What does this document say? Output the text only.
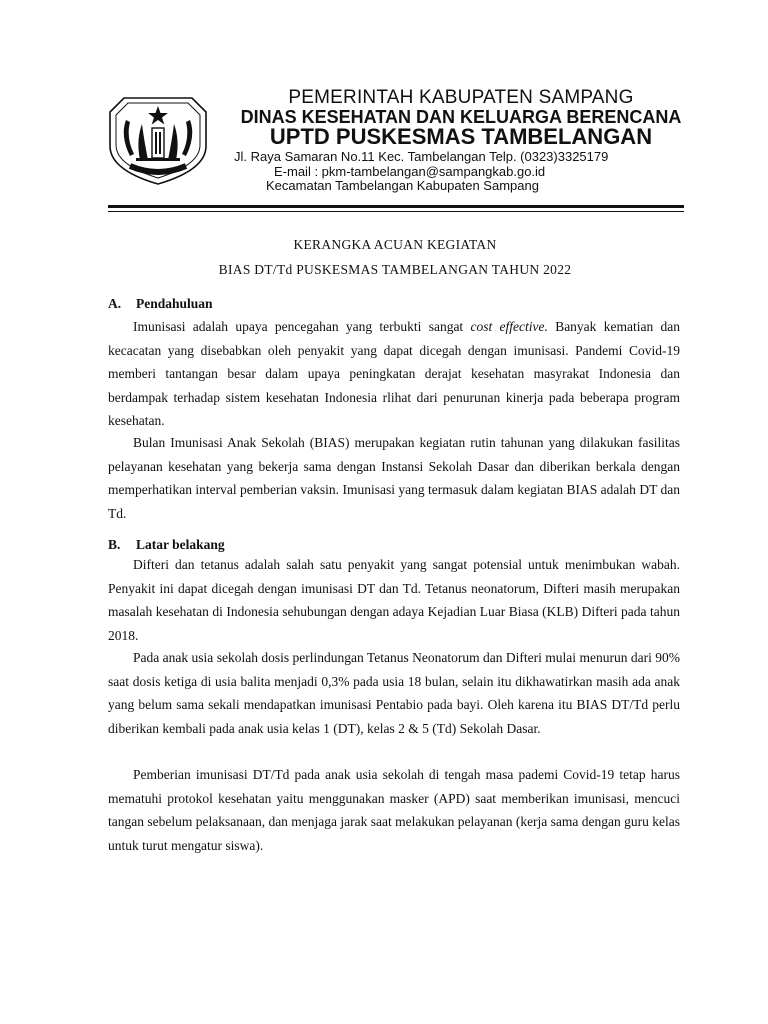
PEMERINTAH KABUPATEN SAMPANG
DINAS KESEHATAN DAN KELUARGA BERENCANA
UPTD PUSKESMAS TAMBELANGAN
Jl. Raya Samaran No.11 Kec. Tambelangan Telp. (0323)3325179
E-mail : pkm-tambelangan@sampangkab.go.id
Kecamatan Tambelangan Kabupaten Sampang
KERANGKA ACUAN KEGIATAN
BIAS DT/Td PUSKESMAS TAMBELANGAN TAHUN 2022
A. Pendahuluan

Imunisasi adalah upaya pencegahan yang terbukti sangat cost effective. Banyak kematian dan kecacatan yang disebabkan oleh penyakit yang dapat dicegah dengan imunisasi. Pandemi Covid-19 memberi tantangan besar dalam upaya peningkatan derajat kesehatan masyrakat Indonesia dan berdampak terhadap sistem kesehatan Indonesia rlihat dari penurunan kinerja pada beberapa program kesehatan.

Bulan Imunisasi Anak Sekolah (BIAS) merupakan kegiatan rutin tahunan yang dilakukan fasilitas pelayanan kesehatan yang bekerja sama dengan Instansi Sekolah Dasar dan diberikan berkala dengan memperhatikan interval pemberian vaksin. Imunisasi yang termasuk dalam kegiatan BIAS adalah DT dan Td.

B. Latar belakang

Difteri dan tetanus adalah salah satu penyakit yang sangat potensial untuk menimbukan wabah. Penyakit ini dapat dicegah dengan imunisasi DT dan Td. Tetanus neonatorum, Difteri masih merupakan masalah kesehatan di Indonesia sehubungan dengan adaya Kejadian Luar Biasa (KLB) Difteri pada tahun 2018.

Pada anak usia sekolah dosis perlindungan Tetanus Neonatorum dan Difteri mulai menurun dari 90% saat dosis ketiga di usia balita menjadi 0,3% pada usia 18 bulan, selain itu dikhawatirkan masih ada anak yang belum sama sekali mendapatkan imunisasi Pentabio pada bayi. Oleh karena itu BIAS DT/Td perlu diberikan kembali pada anak usia kelas 1 (DT), kelas 2 & 5 (Td) Sekolah Dasar.

Pemberian imunisasi DT/Td pada anak usia sekolah di tengah masa pademi Covid-19 tetap harus mematuhi protokol kesehatan yaitu menggunakan masker (APD) saat memberikan imunisasi, mencuci tangan sebelum pelaksanaan, dan menjaga jarak saat melakukan pelayanan (kerja sama dengan guru kelas untuk turut mengatur siswa).
